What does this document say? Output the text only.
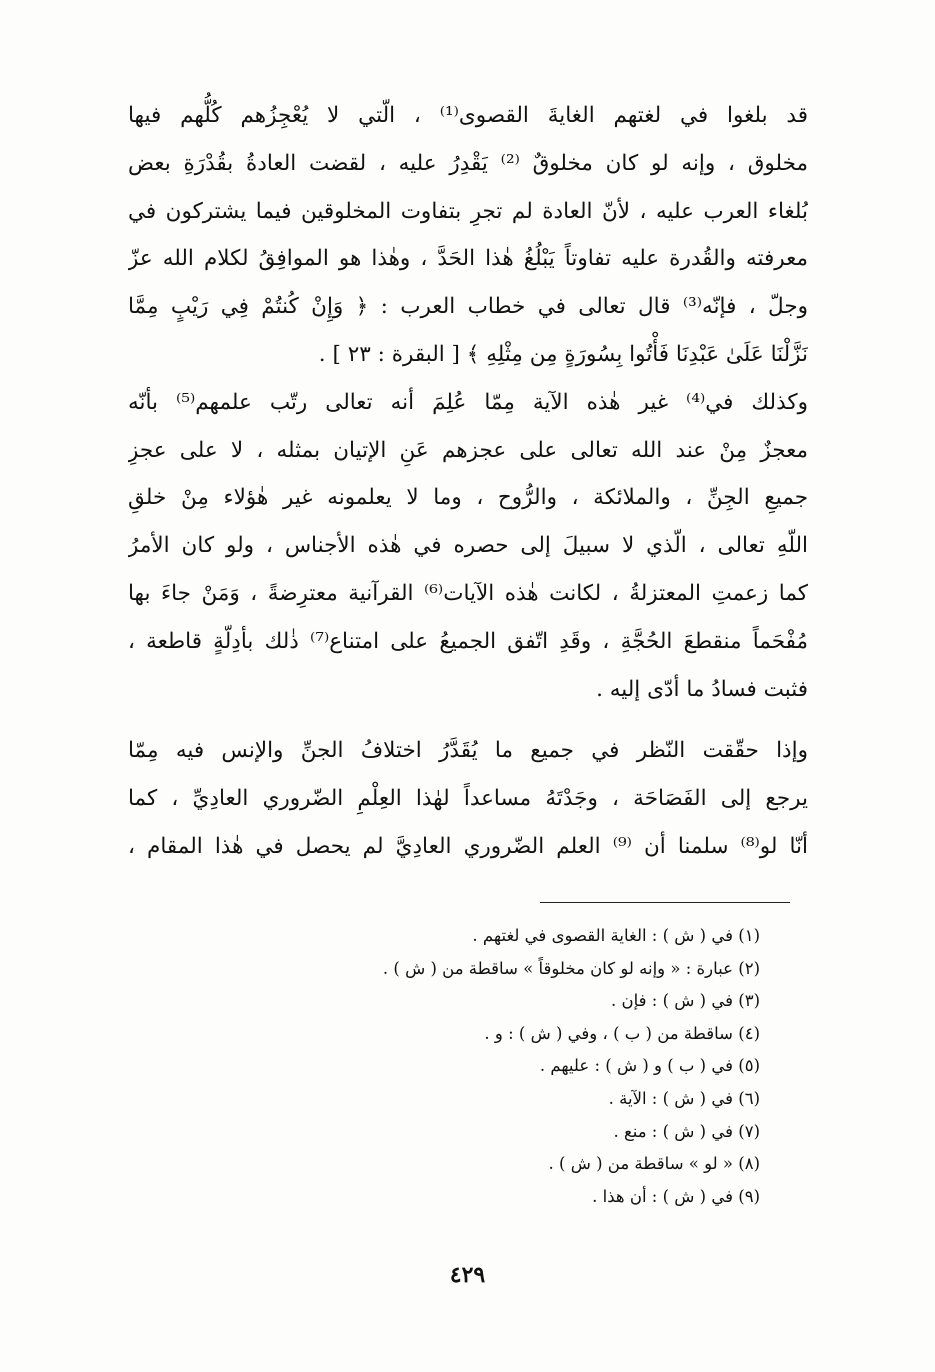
قد بلغوا في لغتهم الغايةَ القصوى⁽¹⁾ ، الّتي لا يُعْجِزُهم كُلُّهم فيها
مخلوق ، وإنه لو كان مخلوقٌ ⁽²⁾ يَقْدِرُ عليه ، لقضت العادةُ بقُدْرَةِ بعض
بُلغاء العرب عليه ، لأنّ العادة لم تجرِ بتفاوت المخلوقين فيما يشتركون في
معرفته والقُدرة عليه تفاوتاً يَبْلُغُ هٰذا الحَدَّ ، وهٰذا هو الموافِقُ لكلام الله عزّ
وجلّ ، فإنّه⁽³⁾ قال تعالى في خطاب العرب : ﴿ وَإِنْ كُنتُمْ فِي رَيْبٍ مِمَّا
نَزَّلْنَا عَلَىٰ عَبْدِنَا فَأْتُوا بِسُورَةٍ مِن مِثْلِهِ ﴾ [ البقرة : ٢٣ ] .
وكذلك في⁽⁴⁾ غير هٰذه الآية مِمّا عُلِمَ أنه تعالى رتّب علمهم⁽⁵⁾ بأنّه
معجزٌ مِنْ عند الله تعالى على عجزهم عَنِ الإتيان بمثله ، لا على عجزِ
جميعِ الجِنِّ ، والملائكة ، والرُّوح ، وما لا يعلمونه غير هٰؤلاء مِنْ خلقِ
اللّهِ تعالى ، الّذي لا سبيلَ إلى حصره في هٰذه الأجناس ، ولو كان الأمرُ
كما زعمتِ المعتزلةُ ، لكانت هٰذه الآيات⁽⁶⁾ القرآنية معترِضةً ، وَمَنْ جاءَ بها
مُفْحَماً منقطعَ الحُجَّةِ ، وقَدِ اتّفق الجميعُ على امتناع⁽⁷⁾ ذٰلك بأدِلّةٍ قاطعة ،
فثبت فسادُ ما أدّى إليه .
وإذا حقّقت النّظر في جميع ما يُقَدَّرُ اختلافُ الجنِّ والإنس فيه مِمّا
يرجع إلى الفَصَاحَة ، وجَدْتَهُ مساعداً لهٰذا العِلْمِ الضّروري العادِيِّ ، كما
أنّا لو⁽⁸⁾ سلمنا أن ⁽⁹⁾ العلم الضّروري العادِيَّ لم يحصل في هٰذا المقام ،
(١) في ( ش ) : الغاية القصوى في لغتهم .
(٢) عبارة : « وإنه لو كان مخلوقاً » ساقطة من ( ش ) .
(٣) في ( ش ) : فإن .
(٤) ساقطة من ( ب ) ، وفي ( ش ) : و .
(٥) في ( ب ) و ( ش ) : عليهم .
(٦) في ( ش ) : الآية .
(٧) في ( ش ) : منع .
(٨) « لو » ساقطة من ( ش ) .
(٩) في ( ش ) : أن هذا .
٤٢٩
